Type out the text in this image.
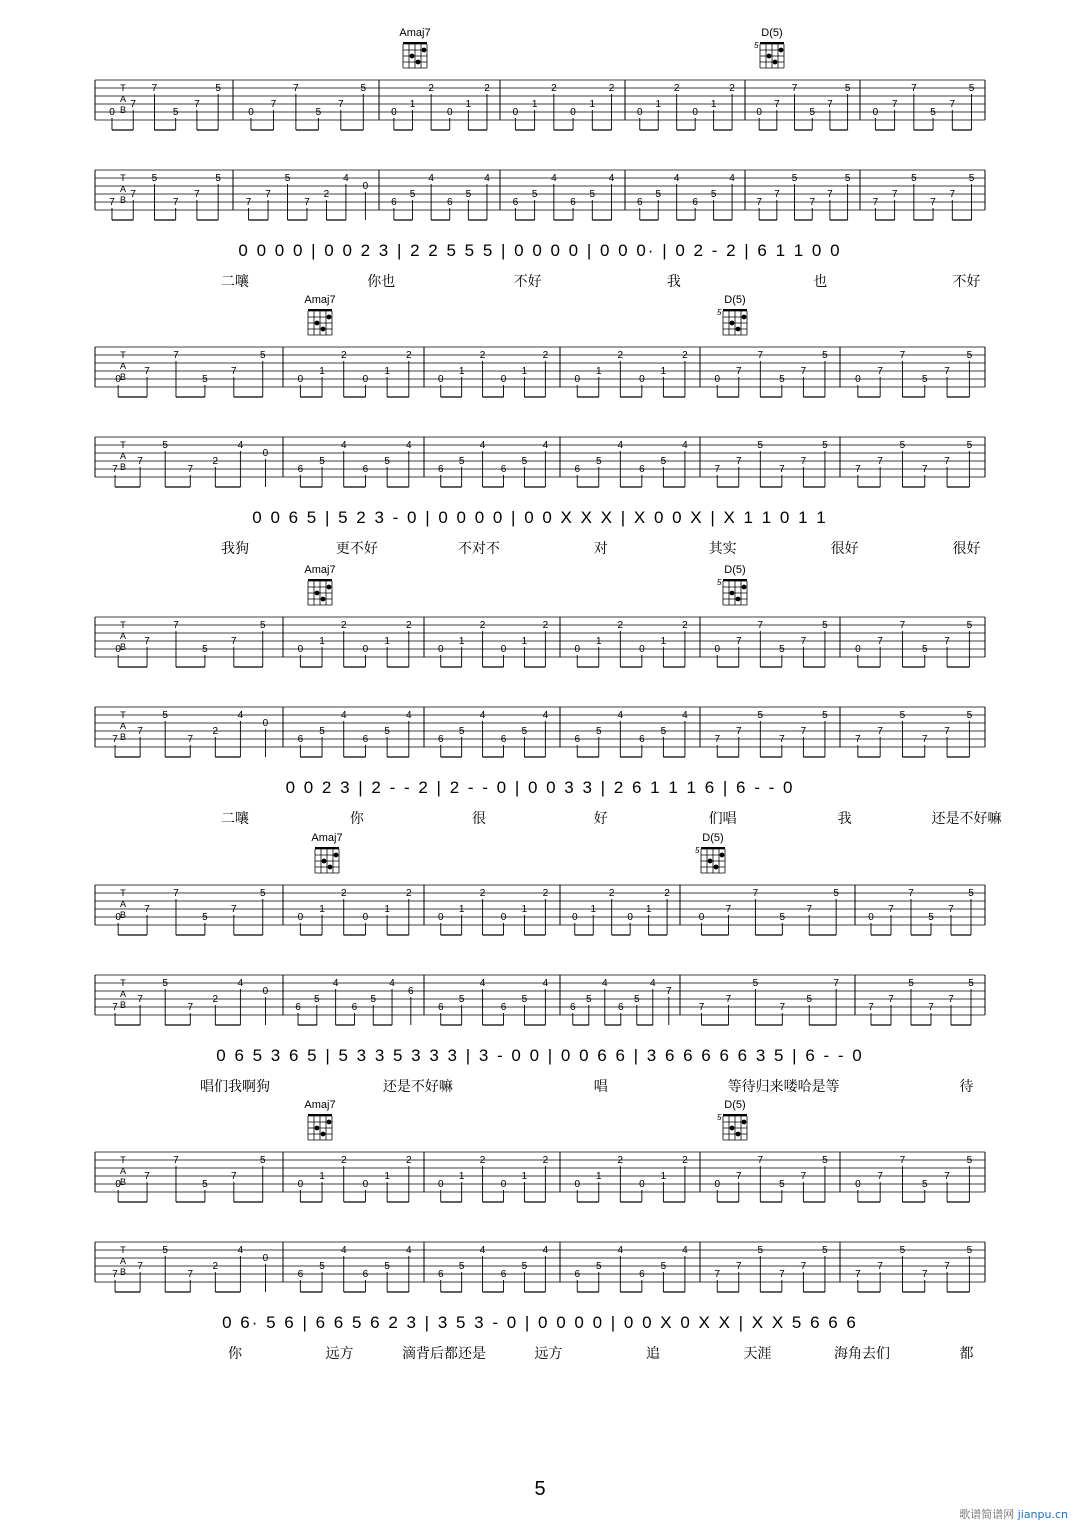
Amaj7	D(5)
5
T
A
B
0
7
7
5
7
5
0
7
7
5
7
5
0
1
2
0
1
2
0
1
2
0
1
2
0
1
2
0
1
2
0
7
7
5
7
5
0
7
7
5
7
5
T
A
B
7
7
5
7
7
5
7
7
5
7
2
4
0
6
5
4
6
5
4
6
5
4
6
5
4
6
5
4
6
5
4
7
7
5
7
7
5
7
7
5
7
7
5
0 0 0 0 | 0 0 2 3 | 2 2 5 5 5 | 0 0 0 0 | 0 0 0· | 0 2 - 2 | 6 1 1 0 0
二嚷	你也	不好	我	也	不好
Amaj7	D(5)
5
T
A
B
0
7
7
5
7
5
0
1
2
0
1
2
0
1
2
0
1
2
0
1
2
0
1
2
0
7
7
5
7
5
0
7
7
5
7
5
T
A
B
7
7
5
7
2
4
0
6
5
4
6
5
4
6
5
4
6
5
4
6
5
4
6
5
4
7
7
5
7
7
5
7
7
5
7
7
5
0 0 6 5 | 5 2 3 - 0 | 0 0 0 0 | 0 0 X X X | X 0 0 X | X 1 1 0 1 1
我狗	更不好	不对不	对	其实	很好	很好
Amaj7	D(5)
5
T
A
B
0
7
7
5
7
5
0
1
2
0
1
2
0
1
2
0
1
2
0
1
2
0
1
2
0
7
7
5
7
5
0
7
7
5
7
5
T
A
B
7
7
5
7
2
4
0
6
5
4
6
5
4
6
5
4
6
5
4
6
5
4
6
5
4
7
7
5
7
7
5
7
7
5
7
7
5
0 0 2 3 | 2 - - 2 | 2 - - 0 | 0 0 3 3 | 2 6 1 1 1 6 | 6 - - 0
二嚷	你	很	好	们唱	我	还是不好嘛
Amaj7	D(5)
5
T
A
B
0
7
7
5
7
5
0
1
2
0
1
2
0
1
2
0
1
2
0
1
2
0
1
2
0
7
7
5
7
5
0
7
7
5
7
5
T
A
B
7
7
5
7
2
4
0
6
5
4
6
5
4
6
6
5
4
6
5
4
6
5
4
6
5
4
7
7
7
5
7
5
7
7
7
5
7
7
5
0 6 5 3 6 5 | 5 3 3 5 3 3 3 | 3 - 0 0 | 0 0 6 6 | 3 6 6 6 6 6 3 5 | 6 - - 0
唱们我啊狗	还是不好嘛	唱	等待归来喽哈是等	待
Amaj7	D(5)
5
T
A
B
0
7
7
5
7
5
0
1
2
0
1
2
0
1
2
0
1
2
0
1
2
0
1
2
0
7
7
5
7
5
0
7
7
5
7
5
T
A
B
7
7
5
7
2
4
0
6
5
4
6
5
4
6
5
4
6
5
4
6
5
4
6
5
4
7
7
5
7
7
5
7
7
5
7
7
5
0 6· 5 6 | 6 6 5 6 2 3 | 3 5 3 - 0 | 0 0 0 0 | 0 0 X 0 X X | X X 5 6 6 6
你	远方	滴背后都还是	远方	追	天涯	海角去们	都
5
歌谱简谱网 jianpu.cn
